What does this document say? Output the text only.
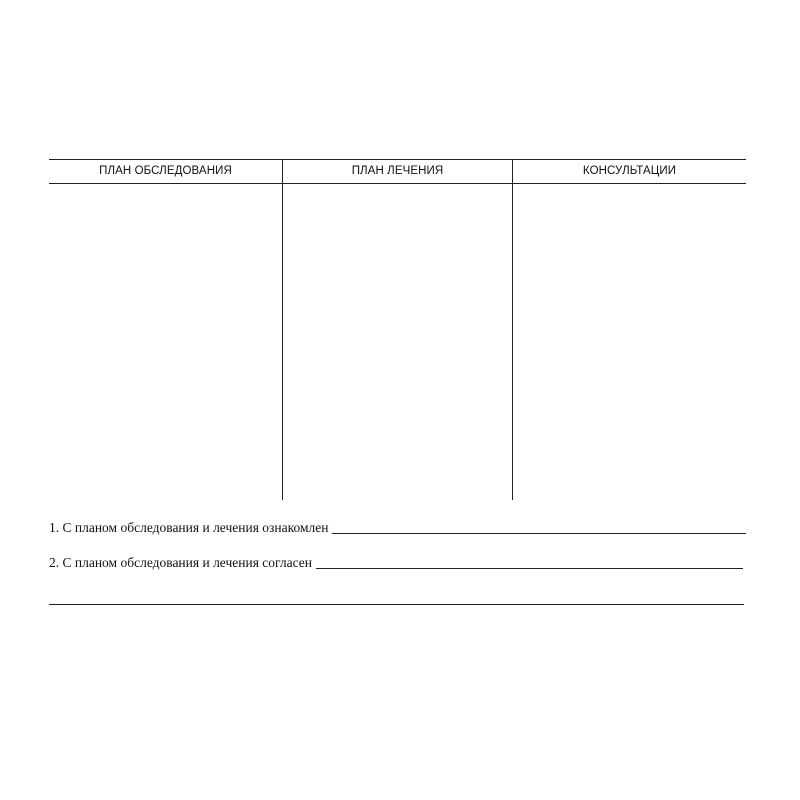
ПЛАН ОБСЛЕДОВАНИЯ	ПЛАН ЛЕЧЕНИЯ	КОНСУЛЬТАЦИИ
1. С планом обследования и лечения ознакомлен
2. С планом обследования и лечения согласен
